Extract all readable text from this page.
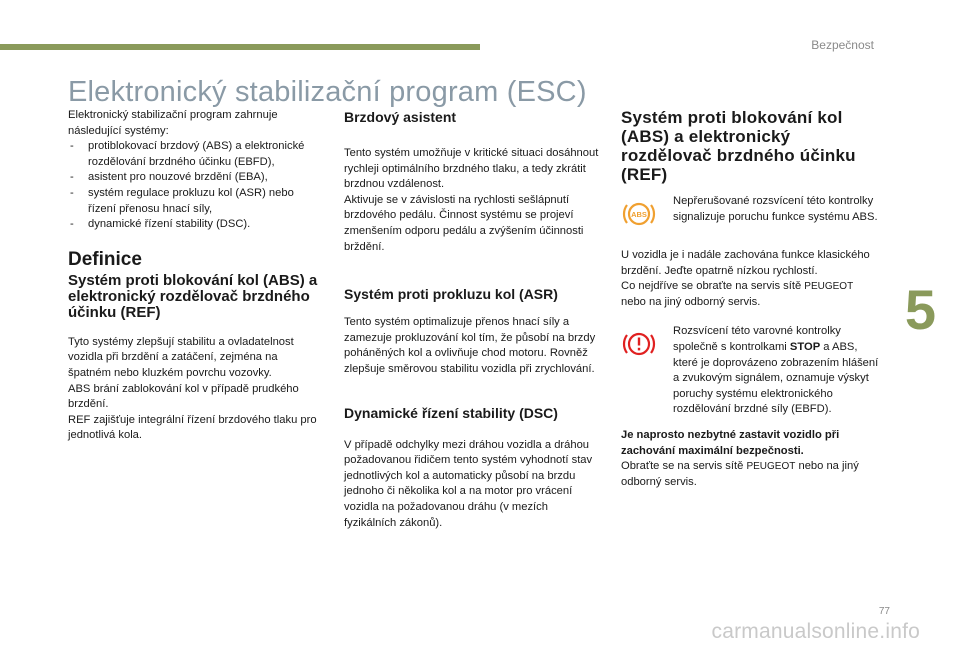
Bezpečnost
Elektronický stabilizační program (ESC)
5

Elektronický stabilizační program zahrnuje následující systémy:

- protiblokovací brzdový (ABS) a elektronické rozdělování brzdného účinku (EBFD),
- asistent pro nouzové brzdění (EBA),
- systém regulace prokluzu kol (ASR) nebo řízení přenosu hnací síly,
- dynamické řízení stability (DSC).
Definice
Systém proti blokování kol (ABS) a elektronický rozdělovač brzdného účinku (REF)

Tyto systémy zlepšují stabilitu a ovladatelnost vozidla při brzdění a zatáčení, zejména na špatném nebo kluzkém povrchu vozovky.

ABS brání zablokování kol v případě prudkého brzdění.

REF zajišťuje integrální řízení brzdového tlaku pro jednotlivá kola.

Brzdový asistent

Tento systém umožňuje v kritické situaci dosáhnout rychleji optimálního brzdného tlaku, a tedy zkrátit brzdnou vzdálenost.

Aktivuje se v závislosti na rychlosti sešlápnutí brzdového pedálu. Činnost systému se projeví zmenšením odporu pedálu a zvýšením účinnosti brždění.

Systém proti prokluzu kol (ASR)

Tento systém optimalizuje přenos hnací síly a zamezuje prokluzování kol tím, že působí na brzdy poháněných kol a ovlivňuje chod motoru. Rovněž zlepšuje směrovou stabilitu vozidla při zrychlování.

Dynamické řízení stability (DSC)

V případě odchylky mezi dráhou vozidla a dráhou požadovanou řidičem tento systém vyhodnotí stav jednotlivých kol a automaticky působí na brzdu jednoho či několika kol a na motor pro vrácení vozidla na požadovanou dráhu (v mezích fyzikálních zákonů).

Systém proti blokování kol (ABS) a elektronický rozdělovač brzdného účinku (REF)
ABS

Nepřerušované rozsvícení této kontrolky signalizuje poruchu funkce systému ABS.

U vozidla je i nadále zachována funkce klasického brzdění. Jeďte opatrně nízkou rychlostí.

Co nejdříve se obraťte na servis sítě PEUGEOT nebo na jiný odborný servis.

Rozsvícení této varovné kontrolky společně s kontrolkami STOP a ABS, které je doprovázeno zobrazením hlášení a zvukovým signálem, oznamuje výskyt poruchy systému elektronického rozdělování brzdné síly (EBFD).

Je naprosto nezbytné zastavit vozidlo při zachování maximální bezpečnosti.

Obraťte se na servis sítě PEUGEOT nebo na jiný odborný servis.

77
carmanualsonline.info
